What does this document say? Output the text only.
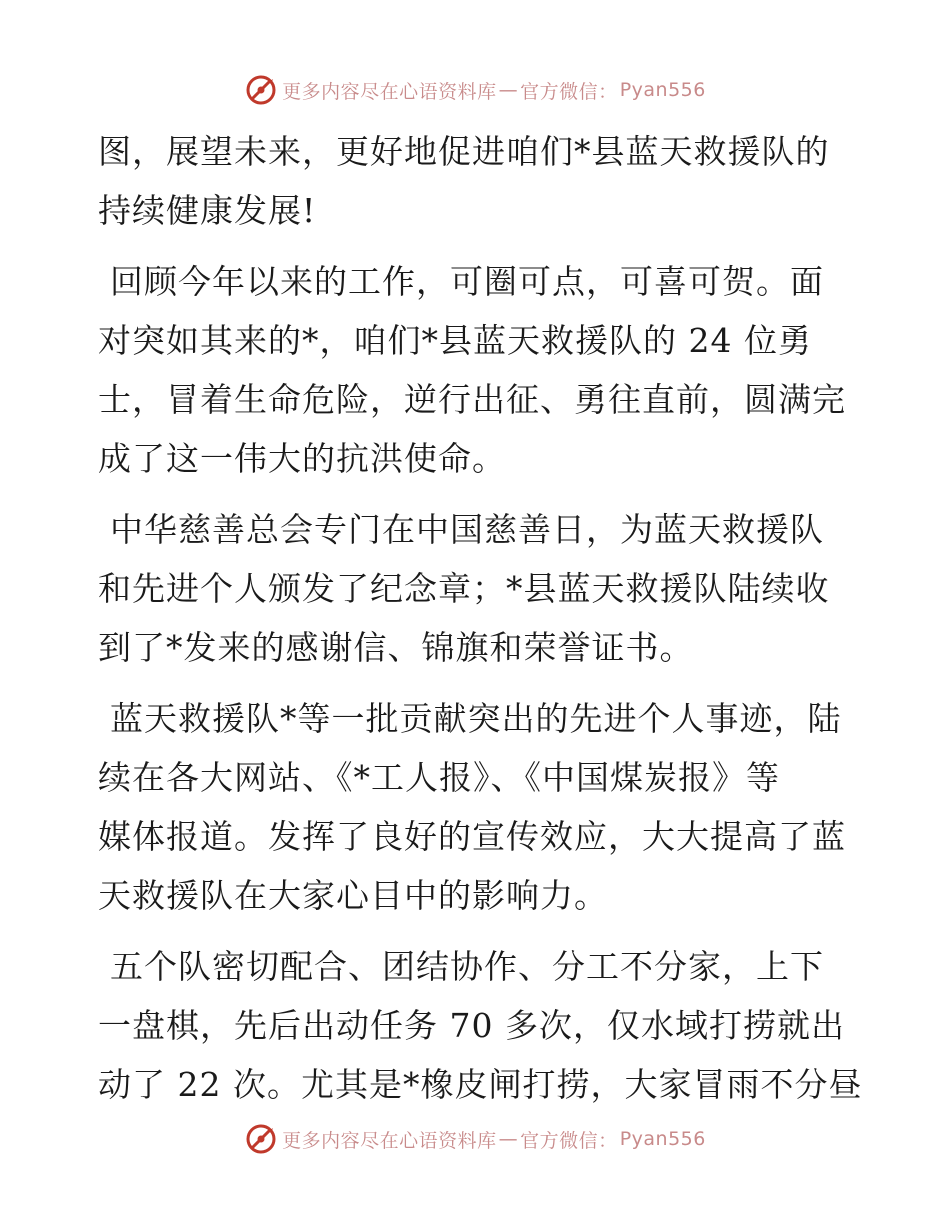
更多内容尽在心语资料库 — 官方微信： Pyan556

图，展望未来，更好地促进咱们*县蓝天救援队的
持续健康发展!

回顾今年以来的工作，可圈可点，可喜可贺。面
对突如其来的*，咱们*县蓝天救援队的 24 位勇
士，冒着生命危险，逆行出征、勇往直前，圆满完
成了这一伟大的抗洪使命。

中华慈善总会专门在中国慈善日，为蓝天救援队
和先进个人颁发了纪念章；*县蓝天救援队陆续收
到了*发来的感谢信、锦旗和荣誉证书。

蓝天救援队*等一批贡献突出的先进个人事迹，陆
续在各大网站、《*工人报》、《中国煤炭报》等
媒体报道。发挥了良好的宣传效应，大大提高了蓝
天救援队在大家心目中的影响力。

五个队密切配合、团结协作、分工不分家，上下
一盘棋，先后出动任务 70 多次，仅水域打捞就出
动了 22 次。尤其是*橡皮闸打捞，大家冒雨不分昼

更多内容尽在心语资料库 — 官方微信： Pyan556
